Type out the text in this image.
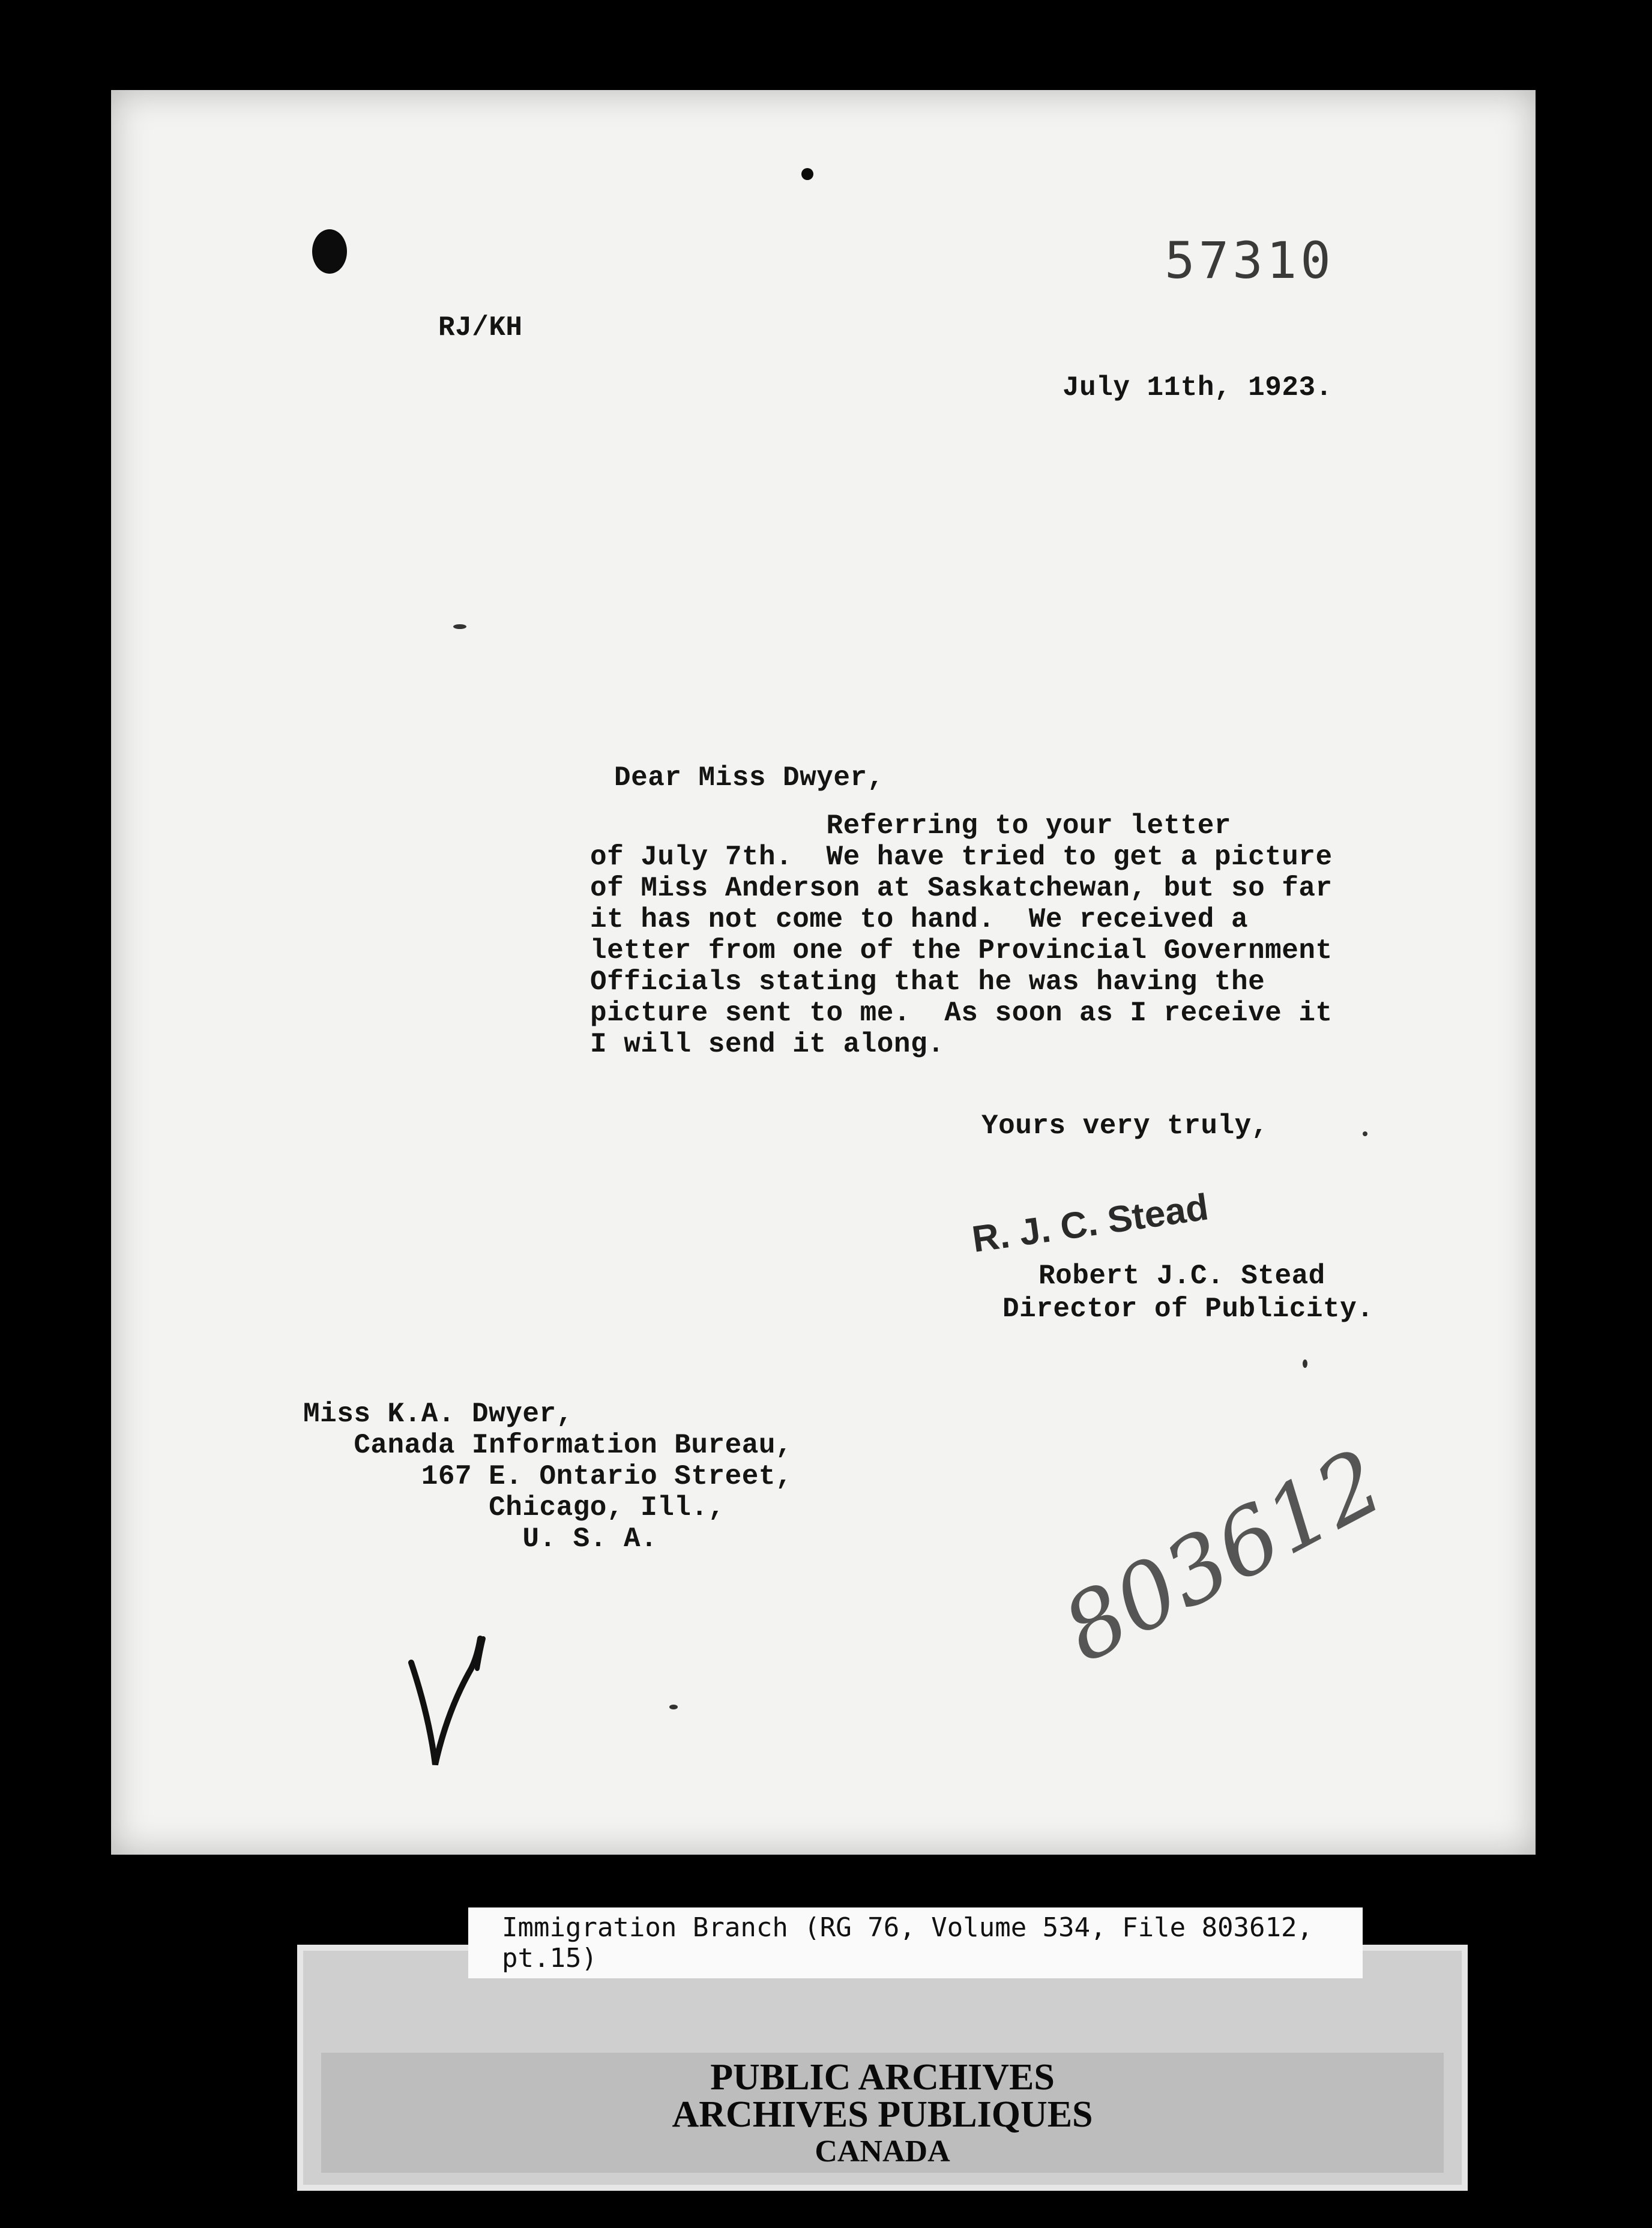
57310
RJ/KH
July 11th, 1923.
Dear Miss Dwyer,
Referring to your letter
of July 7th.  We have tried to get a picture
of Miss Anderson at Saskatchewan, but so far
it has not come to hand.  We received a
letter from one of the Provincial Government
Officials stating that he was having the
picture sent to me.  As soon as I receive it
I will send it along.
Yours very truly,
R. J. C. Stead
Robert J.C. Stead
Director of Publicity.
Miss K.A. Dwyer,
Canada Information Bureau,
167 E. Ontario Street,
Chicago, Ill.,
U. S. A.	803612
PUBLIC ARCHIVES
ARCHIVES PUBLIQUES
CANADA
Immigration Branch (RG 76, Volume 534, File 803612, pt.15)
